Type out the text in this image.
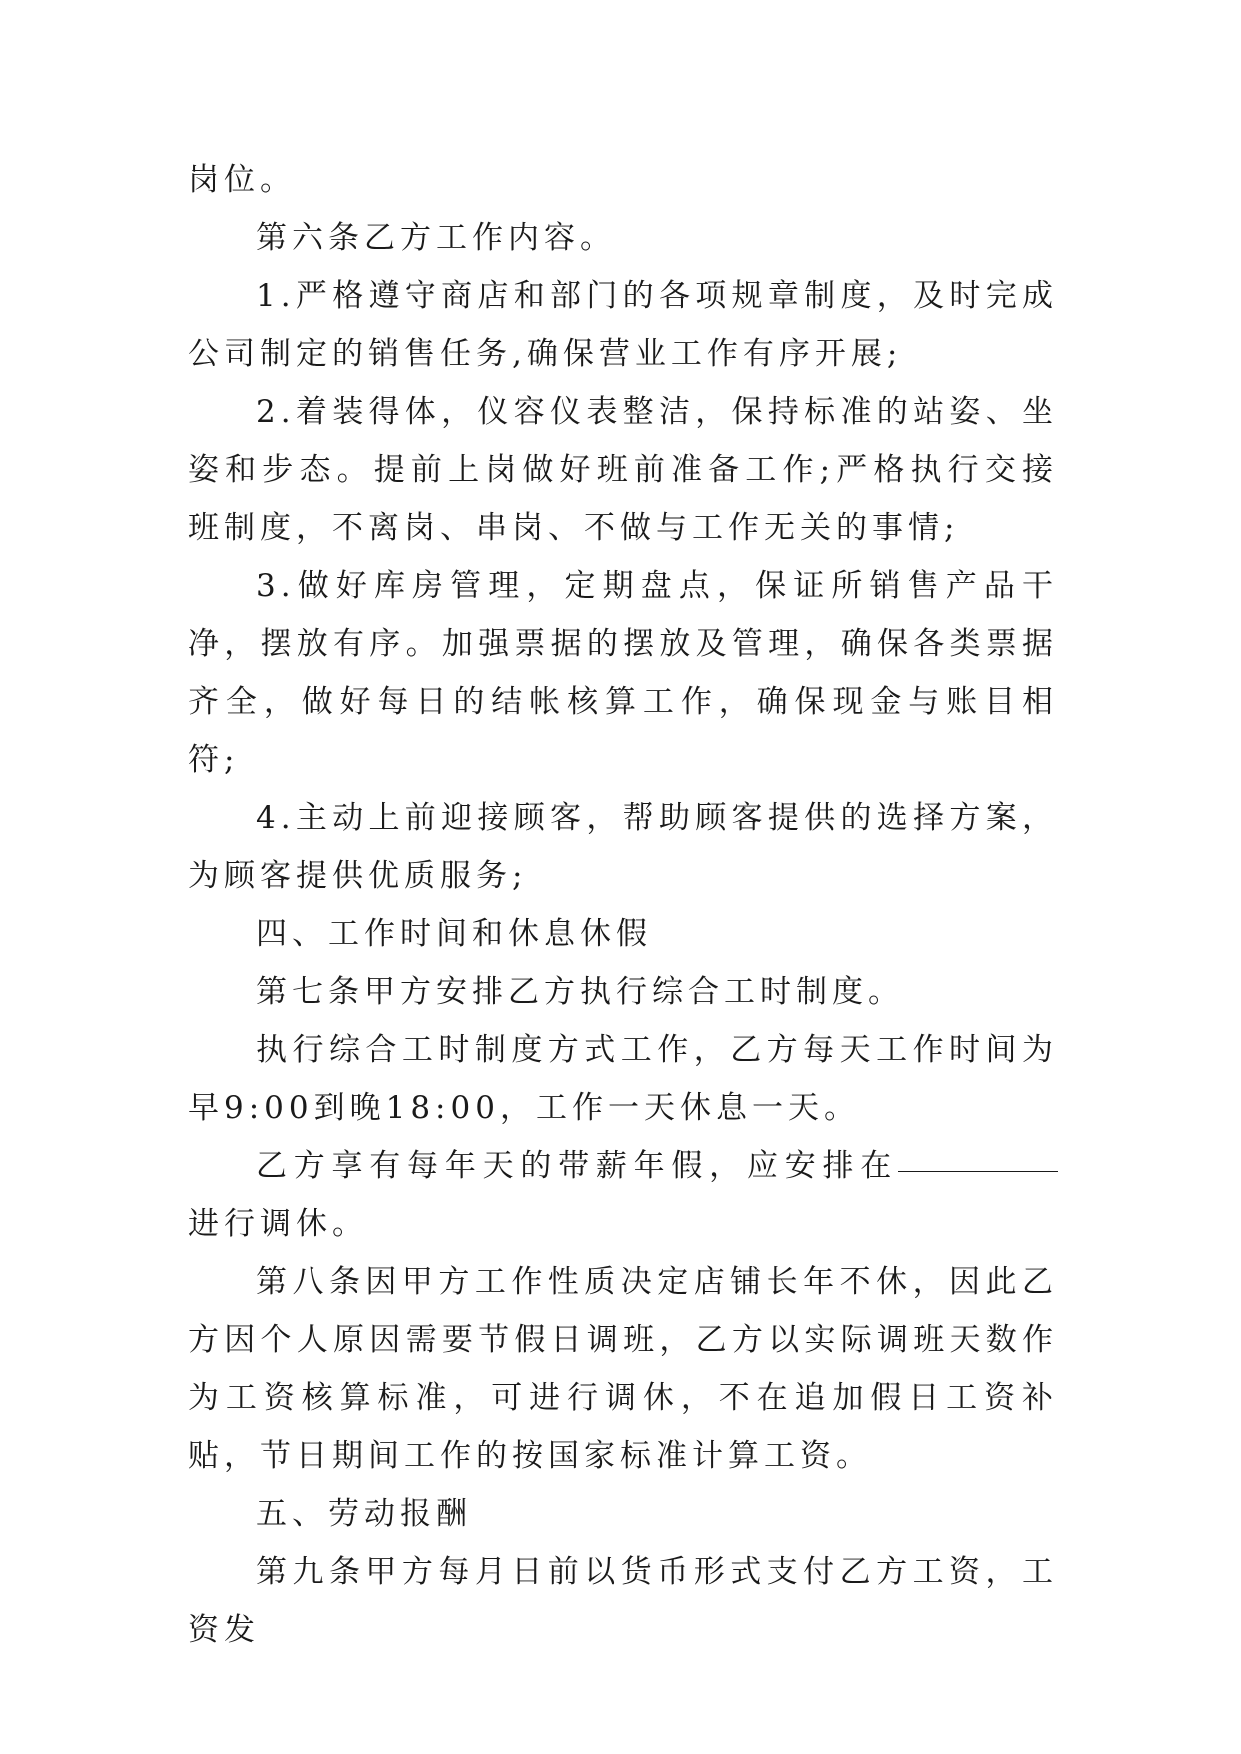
岗位。

第六条乙方工作内容。

1.严格遵守商店和部门的各项规章制度，及时完成公司制定的销售任务,确保营业工作有序开展;

2.着装得体，仪容仪表整洁，保持标准的站姿、坐姿和步态。提前上岗做好班前准备工作;严格执行交接班制度，不离岗、串岗、不做与工作无关的事情;

3.做好库房管理，定期盘点，保证所销售产品干净，摆放有序。加强票据的摆放及管理，确保各类票据齐全，做好每日的结帐核算工作，确保现金与账目相符;

4.主动上前迎接顾客，帮助顾客提供的选择方案，为顾客提供优质服务;

四、工作时间和休息休假

第七条甲方安排乙方执行综合工时制度。

执行综合工时制度方式工作，乙方每天工作时间为早9:00到晚18:00，工作一天休息一天。

乙方享有每年天的带薪年假，应安排在进行调休。

第八条因甲方工作性质决定店铺长年不休，因此乙方因个人原因需要节假日调班，乙方以实际调班天数作为工资核算标准，可进行调休，不在追加假日工资补贴，节日期间工作的按国家标准计算工资。

五、劳动报酬

第九条甲方每月日前以货币形式支付乙方工资，工资发
